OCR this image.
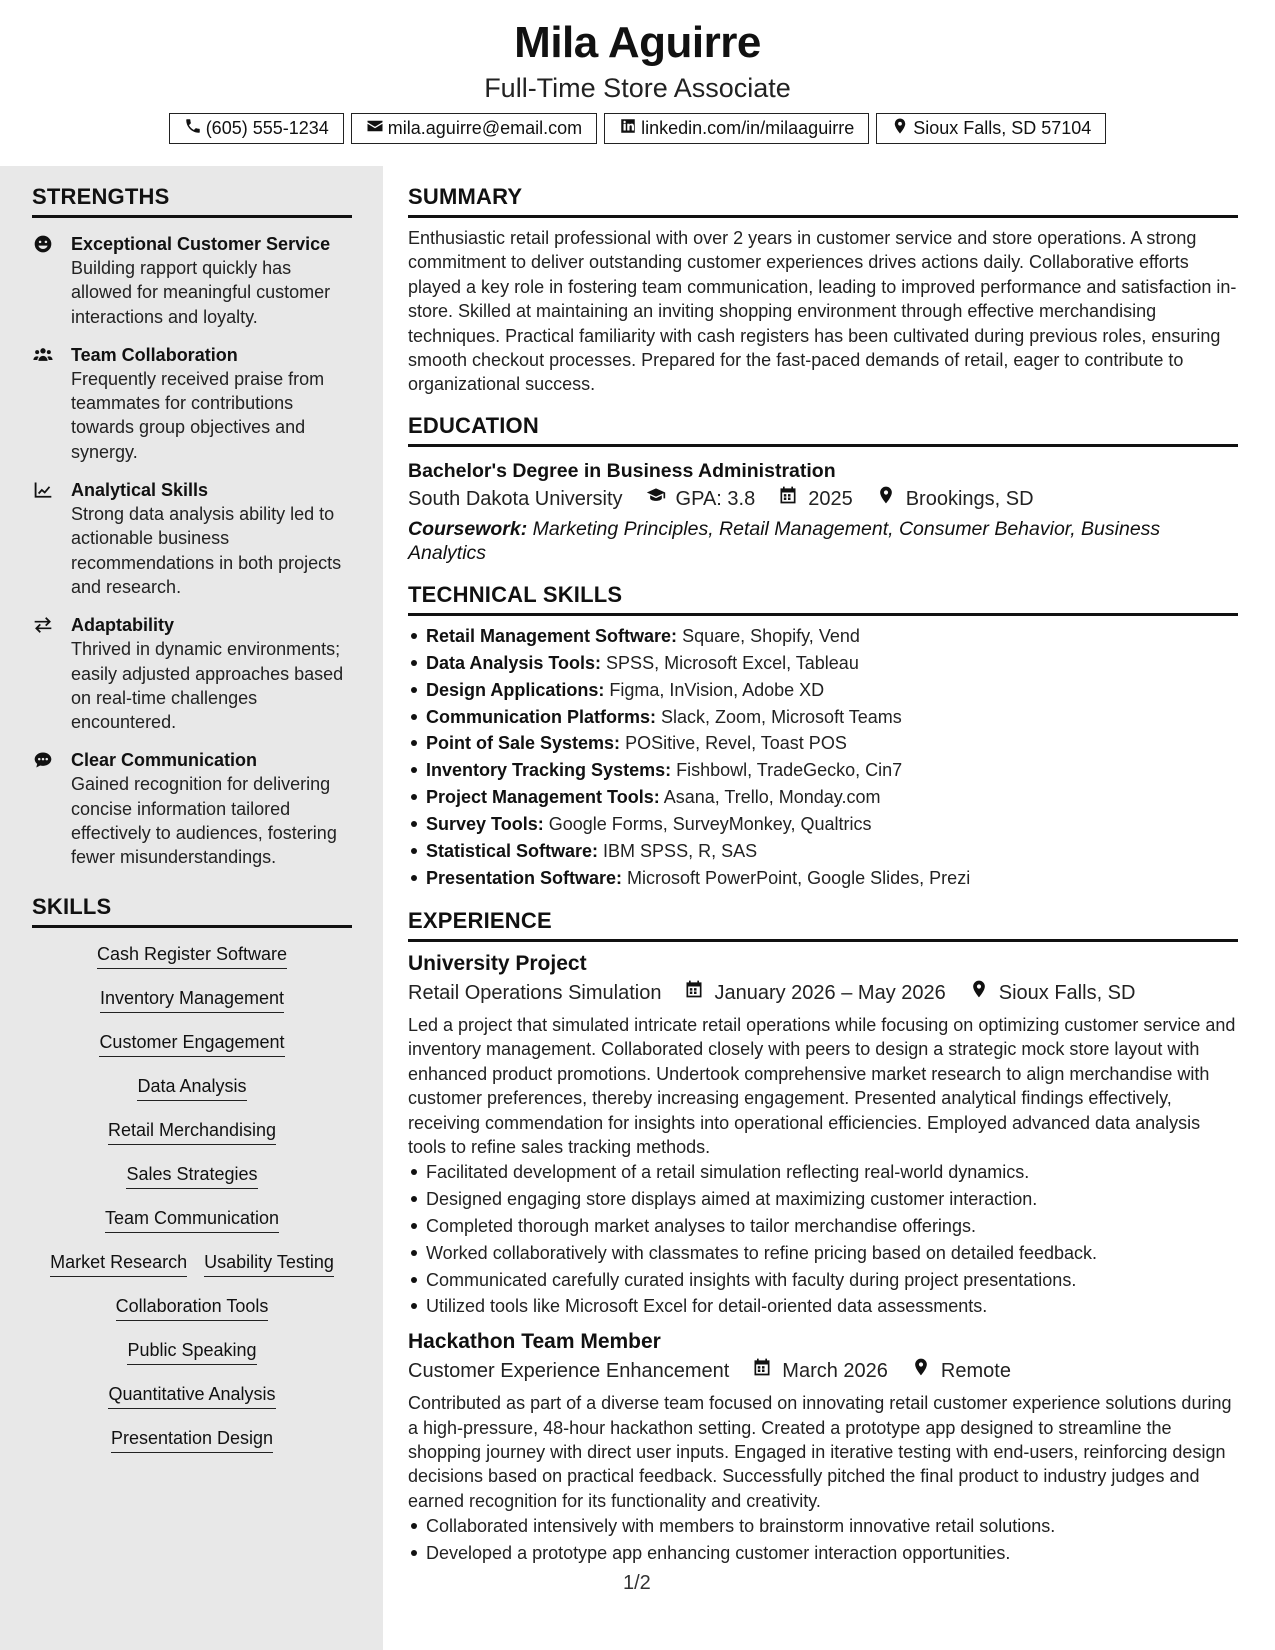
Mila Aguirre
Full-Time Store Associate
(605) 555-1234	mila.aguirre@email.com	linkedin.com/in/milaaguirre	Sioux Falls, SD 57104
STRENGTHS
Exceptional Customer Service
Building rapport quickly has allowed for meaningful customer interactions and loyalty.
Team Collaboration
Frequently received praise from teammates for contributions towards group objectives and synergy.
Analytical Skills
Strong data analysis ability led to actionable business recommendations in both projects and research.
Adaptability
Thrived in dynamic environments; easily adjusted approaches based on real-time challenges encountered.
Clear Communication
Gained recognition for delivering concise information tailored effectively to audiences, fostering fewer misunderstandings.
SKILLS
Cash Register Software
Inventory Management
Customer Engagement
Data Analysis
Retail Merchandising
Sales Strategies
Team Communication
Market Research Usability Testing
Collaboration Tools
Public Speaking
Quantitative Analysis
Presentation Design
SUMMARY
Enthusiastic retail professional with over 2 years in customer service and store operations. A strong commitment to deliver outstanding customer experiences drives actions daily. Collaborative efforts played a key role in fostering team communication, leading to improved performance and satisfaction in-store. Skilled at maintaining an inviting shopping environment through effective merchandising techniques. Practical familiarity with cash registers has been cultivated during previous roles, ensuring smooth checkout processes. Prepared for the fast-paced demands of retail, eager to contribute to organizational success.
EDUCATION
Bachelor's Degree in Business Administration
South Dakota University	GPA: 3.8	2025	Brookings, SD
Coursework: Marketing Principles, Retail Management, Consumer Behavior, Business Analytics
TECHNICAL SKILLS
Retail Management Software: Square, Shopify, Vend
Data Analysis Tools: SPSS, Microsoft Excel, Tableau
Design Applications: Figma, InVision, Adobe XD
Communication Platforms: Slack, Zoom, Microsoft Teams
Point of Sale Systems: POSitive, Revel, Toast POS
Inventory Tracking Systems: Fishbowl, TradeGecko, Cin7
Project Management Tools: Asana, Trello, Monday.com
Survey Tools: Google Forms, SurveyMonkey, Qualtrics
Statistical Software: IBM SPSS, R, SAS
Presentation Software: Microsoft PowerPoint, Google Slides, Prezi
EXPERIENCE
University Project
Retail Operations Simulation	January 2026 – May 2026	Sioux Falls, SD
Led a project that simulated intricate retail operations while focusing on optimizing customer service and inventory management. Collaborated closely with peers to design a strategic mock store layout with enhanced product promotions. Undertook comprehensive market research to align merchandise with customer preferences, thereby increasing engagement. Presented analytical findings effectively, receiving commendation for insights into operational efficiencies. Employed advanced data analysis tools to refine sales tracking methods.
Facilitated development of a retail simulation reflecting real-world dynamics.
Designed engaging store displays aimed at maximizing customer interaction.
Completed thorough market analyses to tailor merchandise offerings.
Worked collaboratively with classmates to refine pricing based on detailed feedback.
Communicated carefully curated insights with faculty during project presentations.
Utilized tools like Microsoft Excel for detail-oriented data assessments.
Hackathon Team Member
Customer Experience Enhancement	March 2026	Remote
Contributed as part of a diverse team focused on innovating retail customer experience solutions during a high-pressure, 48-hour hackathon setting. Created a prototype app designed to streamline the shopping journey with direct user inputs. Engaged in iterative testing with end-users, reinforcing design decisions based on practical feedback. Successfully pitched the final product to industry judges and earned recognition for its functionality and creativity.
Collaborated intensively with members to brainstorm innovative retail solutions.
Developed a prototype app enhancing customer interaction opportunities.
1/2
